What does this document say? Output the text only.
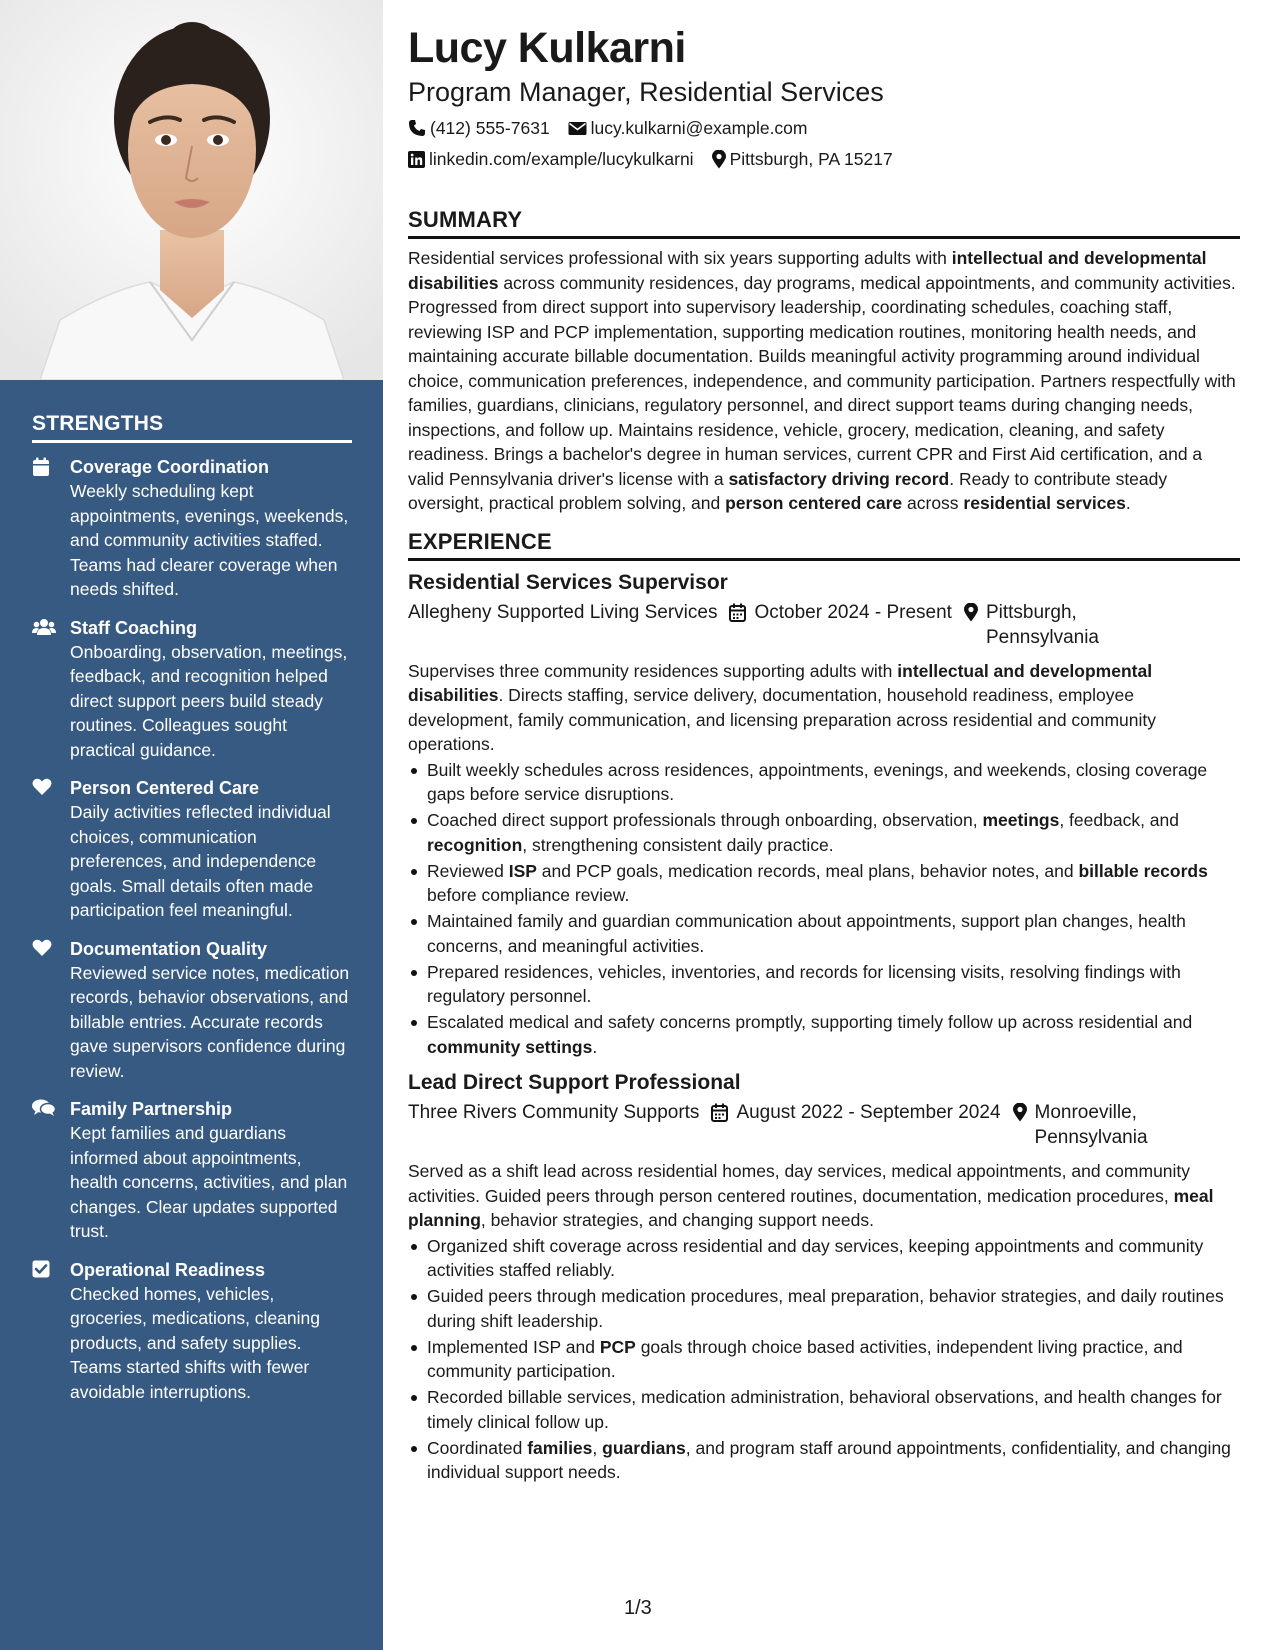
STRENGTHS
Coverage Coordination
Weekly scheduling kept appointments, evenings, weekends, and community activities staffed. Teams had clearer coverage when needs shifted.
Staff Coaching
Onboarding, observation, meetings, feedback, and recognition helped direct support peers build steady routines. Colleagues sought practical guidance.
Person Centered Care
Daily activities reflected individual choices, communication preferences, and independence goals. Small details often made participation feel meaningful.
Documentation Quality
Reviewed service notes, medication records, behavior observations, and billable entries. Accurate records gave supervisors confidence during review.
Family Partnership
Kept families and guardians informed about appointments, health concerns, activities, and plan changes. Clear updates supported trust.
Operational Readiness
Checked homes, vehicles, groceries, medications, cleaning products, and safety supplies. Teams started shifts with fewer avoidable interruptions.
Lucy Kulkarni
Program Manager, Residential Services
(412) 555-7631 lucy.kulkarni@example.com
linkedin.com/example/lucykulkarni Pittsburgh, PA 15217
SUMMARY
Residential services professional with six years supporting adults with intellectual and developmental disabilities across community residences, day programs, medical appointments, and community activities. Progressed from direct support into supervisory leadership, coordinating schedules, coaching staff, reviewing ISP and PCP implementation, supporting medication routines, monitoring health needs, and maintaining accurate billable documentation. Builds meaningful activity programming around individual choice, communication preferences, independence, and community participation. Partners respectfully with families, guardians, clinicians, regulatory personnel, and direct support teams during changing needs, inspections, and follow up. Maintains residence, vehicle, grocery, medication, cleaning, and safety readiness. Brings a bachelor's degree in human services, current CPR and First Aid certification, and a valid Pennsylvania driver's license with a satisfactory driving record. Ready to contribute steady oversight, practical problem solving, and person centered care across residential services.
EXPERIENCE
Residential Services Supervisor
Allegheny Supported Living Services October 2024 - Present Pittsburgh, Pennsylvania
Supervises three community residences supporting adults with intellectual and developmental disabilities. Directs staffing, service delivery, documentation, household readiness, employee development, family communication, and licensing preparation across residential and community operations.
Built weekly schedules across residences, appointments, evenings, and weekends, closing coverage gaps before service disruptions.
Coached direct support professionals through onboarding, observation, meetings, feedback, and recognition, strengthening consistent daily practice.
Reviewed ISP and PCP goals, medication records, meal plans, behavior notes, and billable records before compliance review.
Maintained family and guardian communication about appointments, support plan changes, health concerns, and meaningful activities.
Prepared residences, vehicles, inventories, and records for licensing visits, resolving findings with regulatory personnel.
Escalated medical and safety concerns promptly, supporting timely follow up across residential and community settings.
Lead Direct Support Professional
Three Rivers Community Supports August 2022 - September 2024 Monroeville, Pennsylvania
Served as a shift lead across residential homes, day services, medical appointments, and community activities. Guided peers through person centered routines, documentation, medication procedures, meal planning, behavior strategies, and changing support needs.
Organized shift coverage across residential and day services, keeping appointments and community activities staffed reliably.
Guided peers through medication procedures, meal preparation, behavior strategies, and daily routines during shift leadership.
Implemented ISP and PCP goals through choice based activities, independent living practice, and community participation.
Recorded billable services, medication administration, behavioral observations, and health changes for timely clinical follow up.
Coordinated families, guardians, and program staff around appointments, confidentiality, and changing individual support needs.
1/3
